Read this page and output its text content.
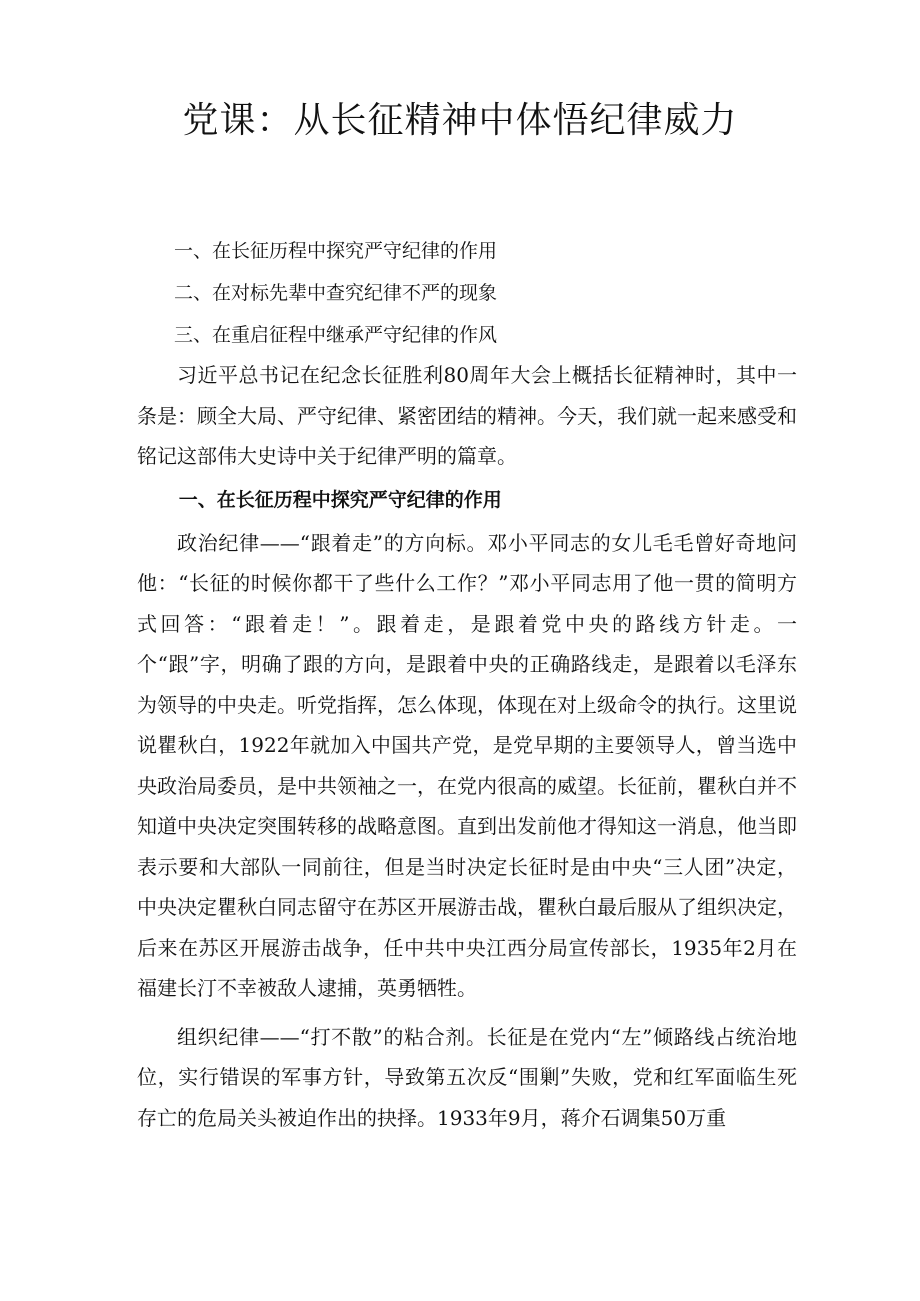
党课：从长征精神中体悟纪律威力
一、在长征历程中探究严守纪律的作用
二、在对标先辈中查究纪律不严的现象
三、在重启征程中继承严守纪律的作风

习近平总书记在纪念长征胜利80周年大会上概括长征精神时，其中一条是：顾全大局、严守纪律、紧密团结的精神。今天，我们就一起来感受和铭记这部伟大史诗中关于纪律严明的篇章。

一、在长征历程中探究严守纪律的作用

政治纪律——“跟着走”的方向标。邓小平同志的女儿毛毛曾好奇地问他：“长征的时候你都干了些什么工作？”邓小平同志用了他一贯的简明方式回答：“跟着走！”。跟着走，是跟着党中央的路线方针走。一个“跟”字，明确了跟的方向，是跟着中央的正确路线走，是跟着以毛泽东为领导的中央走。听党指挥，怎么体现，体现在对上级命令的执行。这里说说瞿秋白，1922年就加入中国共产党，是党早期的主要领导人，曾当选中央政治局委员，是中共领袖之一，在党内很高的威望。长征前，瞿秋白并不知道中央决定突围转移的战略意图。直到出发前他才得知这一消息，他当即表示要和大部队一同前往，但是当时决定长征时是由中央“三人团”决定，中央决定瞿秋白同志留守在苏区开展游击战，瞿秋白最后服从了组织决定，后来在苏区开展游击战争，任中共中央江西分局宣传部长，1935年2月在福建长汀不幸被敌人逮捕，英勇牺牲。

组织纪律——“打不散”的粘合剂。长征是在党内“左”倾路线占统治地位，实行错误的军事方针，导致第五次反“围剿”失败，党和红军面临生死存亡的危局关头被迫作出的抉择。1933年9月，蒋介石调集50万重
